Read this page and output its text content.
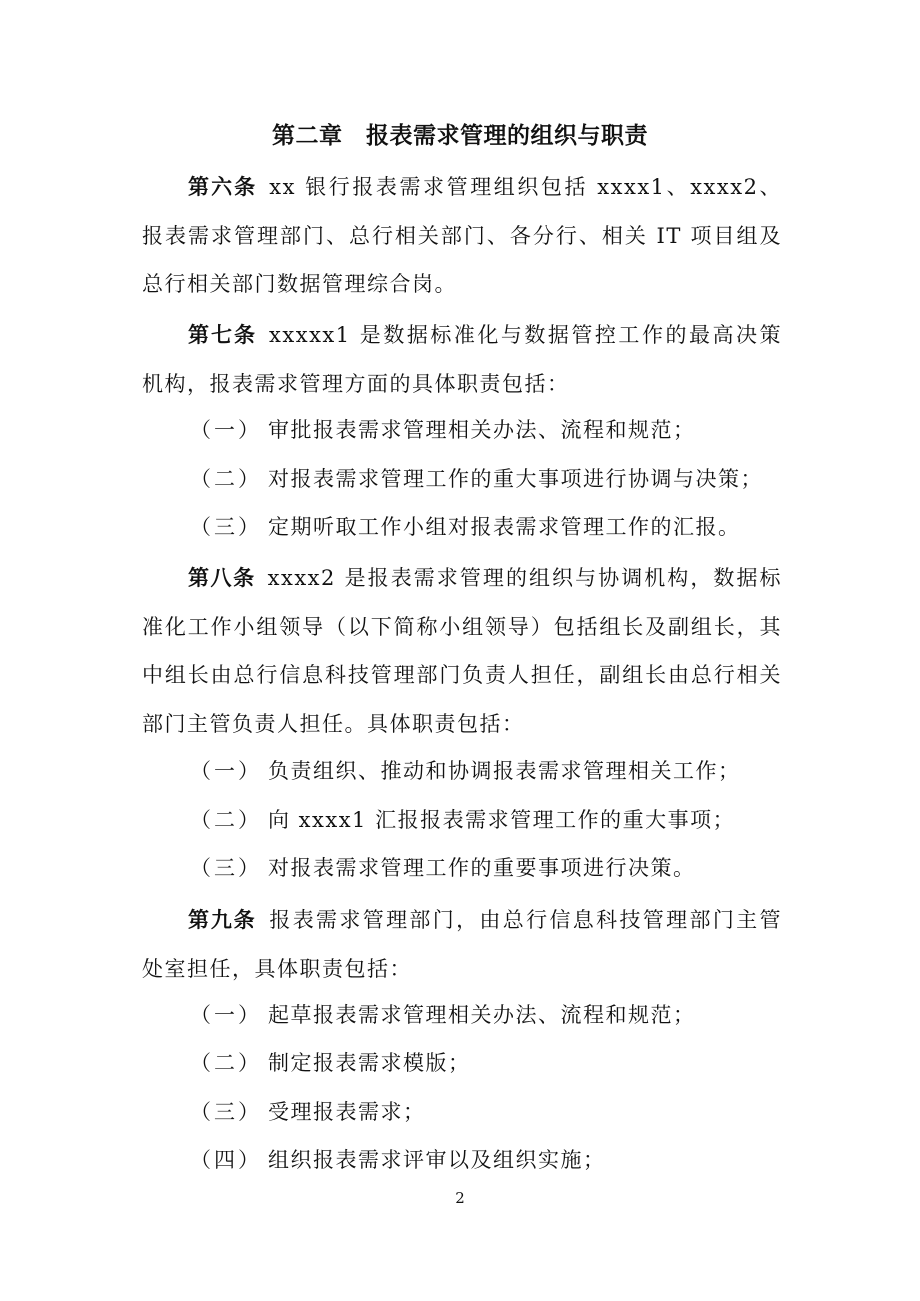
第二章　报表需求管理的组织与职责
第六条 xx 银行报表需求管理组织包括 xxxx1、xxxx2、报表需求管理部门、总行相关部门、各分行、相关 IT 项目组及总行相关部门数据管理综合岗。
第七条 xxxxx1 是数据标准化与数据管控工作的最高决策机构，报表需求管理方面的具体职责包括：
（一） 审批报表需求管理相关办法、流程和规范；
（二） 对报表需求管理工作的重大事项进行协调与决策；
（三） 定期听取工作小组对报表需求管理工作的汇报。
第八条 xxxx2 是报表需求管理的组织与协调机构，数据标准化工作小组领导（以下简称小组领导）包括组长及副组长，其中组长由总行信息科技管理部门负责人担任，副组长由总行相关部门主管负责人担任。具体职责包括：
（一） 负责组织、推动和协调报表需求管理相关工作；
（二） 向 xxxx1 汇报报表需求管理工作的重大事项；
（三） 对报表需求管理工作的重要事项进行决策。
第九条 报表需求管理部门，由总行信息科技管理部门主管处室担任，具体职责包括：
（一） 起草报表需求管理相关办法、流程和规范；
（二） 制定报表需求模版；
（三） 受理报表需求；
（四） 组织报表需求评审以及组织实施；
2
